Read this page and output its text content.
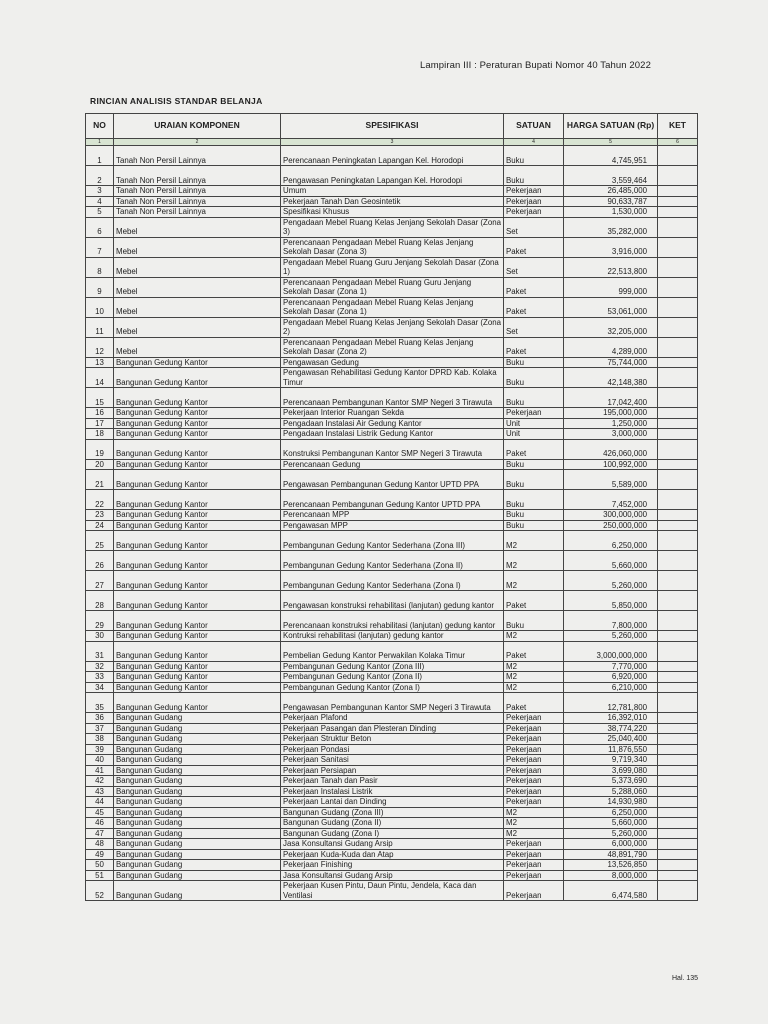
Lampiran III : Peraturan Bupati Nomor 40 Tahun 2022
RINCIAN ANALISIS STANDAR BELANJA
NO	URAIAN KOMPONEN	SPESIFIKASI	SATUAN	HARGA SATUAN (Rp)	KET
1	2	3	4	5	6
1	Tanah Non Persil Lainnya	Perencanaan Peningkatan Lapangan Kel. Horodopi	Buku	4,745,951	
2	Tanah Non Persil Lainnya	Pengawasan Peningkatan Lapangan Kel. Horodopi	Buku	3,559,464	
3	Tanah Non Persil Lainnya	Umum	Pekerjaan	26,485,000	
4	Tanah Non Persil Lainnya	Pekerjaan Tanah Dan Geosintetik	Pekerjaan	90,633,787	
5	Tanah Non Persil Lainnya	Spesifikasi Khusus	Pekerjaan	1,530,000	
6	Mebel	Pengadaan Mebel Ruang Kelas Jenjang Sekolah Dasar (Zona 3)	Set	35,282,000	
7	Mebel	Perencanaan Pengadaan Mebel Ruang Kelas Jenjang Sekolah Dasar (Zona 3)	Paket	3,916,000	
8	Mebel	Pengadaan Mebel Ruang Guru Jenjang Sekolah Dasar (Zona 1)	Set	22,513,800	
9	Mebel	Perencanaan Pengadaan Mebel Ruang Guru Jenjang Sekolah Dasar (Zona 1)	Paket	999,000	
10	Mebel	Perencanaan Pengadaan Mebel Ruang Kelas Jenjang Sekolah Dasar (Zona 1)	Paket	53,061,000	
11	Mebel	Pengadaan Mebel Ruang Kelas Jenjang Sekolah Dasar (Zona 2)	Set	32,205,000	
12	Mebel	Perencanaan Pengadaan Mebel Ruang Kelas Jenjang Sekolah Dasar (Zona 2)	Paket	4,289,000	
13	Bangunan Gedung Kantor	Pengawasan Gedung	Buku	75,744,000	
14	Bangunan Gedung Kantor	Pengawasan Rehabilitasi Gedung Kantor DPRD Kab. Kolaka Timur	Buku	42,148,380	
15	Bangunan Gedung Kantor	Perencanaan Pembangunan Kantor SMP Negeri 3 Tirawuta	Buku	17,042,400	
16	Bangunan Gedung Kantor	Pekerjaan Interior Ruangan Sekda	Pekerjaan	195,000,000	
17	Bangunan Gedung Kantor	Pengadaan Instalasi Air Gedung Kantor	Unit	1,250,000	
18	Bangunan Gedung Kantor	Pengadaan Instalasi Listrik Gedung Kantor	Unit	3,000,000	
19	Bangunan Gedung Kantor	Konstruksi Pembangunan Kantor SMP Negeri 3 Tirawuta	Paket	426,060,000	
20	Bangunan Gedung Kantor	Perencanaan Gedung	Buku	100,992,000	
21	Bangunan Gedung Kantor	Pengawasan Pembangunan Gedung Kantor UPTD PPA	Buku	5,589,000	
22	Bangunan Gedung Kantor	Perencanaan Pembangunan Gedung Kantor UPTD PPA	Buku	7,452,000	
23	Bangunan Gedung Kantor	Perencanaan MPP	Buku	300,000,000	
24	Bangunan Gedung Kantor	Pengawasan MPP	Buku	250,000,000	
25	Bangunan Gedung Kantor	Pembangunan Gedung Kantor Sederhana (Zona III)	M2	6,250,000	
26	Bangunan Gedung Kantor	Pembangunan Gedung Kantor Sederhana (Zona II)	M2	5,660,000	
27	Bangunan Gedung Kantor	Pembangunan Gedung Kantor Sederhana (Zona I)	M2	5,260,000	
28	Bangunan Gedung Kantor	Pengawasan konstruksi rehabilitasi (lanjutan) gedung kantor	Paket	5,850,000	
29	Bangunan Gedung Kantor	Perencanaan konstruksi rehabilitasi (lanjutan) gedung kantor	Buku	7,800,000	
30	Bangunan Gedung Kantor	Kontruksi rehabilitasi (lanjutan) gedung kantor	M2	5,260,000	
31	Bangunan Gedung Kantor	Pembelian Gedung Kantor Perwakilan Kolaka Timur	Paket	3,000,000,000	
32	Bangunan Gedung Kantor	Pembangunan Gedung Kantor (Zona III)	M2	7,770,000	
33	Bangunan Gedung Kantor	Pembangunan Gedung Kantor (Zona II)	M2	6,920,000	
34	Bangunan Gedung Kantor	Pembangunan Gedung Kantor (Zona I)	M2	6,210,000	
35	Bangunan Gedung Kantor	Pengawasan Pembangunan Kantor SMP Negeri 3 Tirawuta	Paket	12,781,800	
36	Bangunan Gudang	Pekerjaan Plafond	Pekerjaan	16,392,010	
37	Bangunan Gudang	Pekerjaan Pasangan dan Plesteran Dinding	Pekerjaan	38,774,220	
38	Bangunan Gudang	Pekerjaan Struktur Beton	Pekerjaan	25,040,400	
39	Bangunan Gudang	Pekerjaan Pondasi	Pekerjaan	11,876,550	
40	Bangunan Gudang	Pekerjaan Sanitasi	Pekerjaan	9,719,340	
41	Bangunan Gudang	Pekerjaan Persiapan	Pekerjaan	3,699,080	
42	Bangunan Gudang	Pekerjaan Tanah dan Pasir	Pekerjaan	5,373,690	
43	Bangunan Gudang	Pekerjaan Instalasi Listrik	Pekerjaan	5,288,060	
44	Bangunan Gudang	Pekerjaan Lantai dan Dinding	Pekerjaan	14,930,980	
45	Bangunan Gudang	Bangunan Gudang (Zona III)	M2	6,250,000	
46	Bangunan Gudang	Bangunan Gudang (Zona II)	M2	5,660,000	
47	Bangunan Gudang	Bangunan Gudang (Zona I)	M2	5,260,000	
48	Bangunan Gudang	Jasa Konsultansi Gudang Arsip	Pekerjaan	6,000,000	
49	Bangunan Gudang	Pekerjaan Kuda-Kuda dan Atap	Pekerjaan	48,891,790	
50	Bangunan Gudang	Pekerjaan Finishing	Pekerjaan	13,526,850	
51	Bangunan Gudang	Jasa Konsultansi Gudang Arsip	Pekerjaan	8,000,000	
52	Bangunan Gudang	Pekerjaan Kusen Pintu, Daun Pintu, Jendela, Kaca dan Ventilasi	Pekerjaan	6,474,580	
Hal. 135
